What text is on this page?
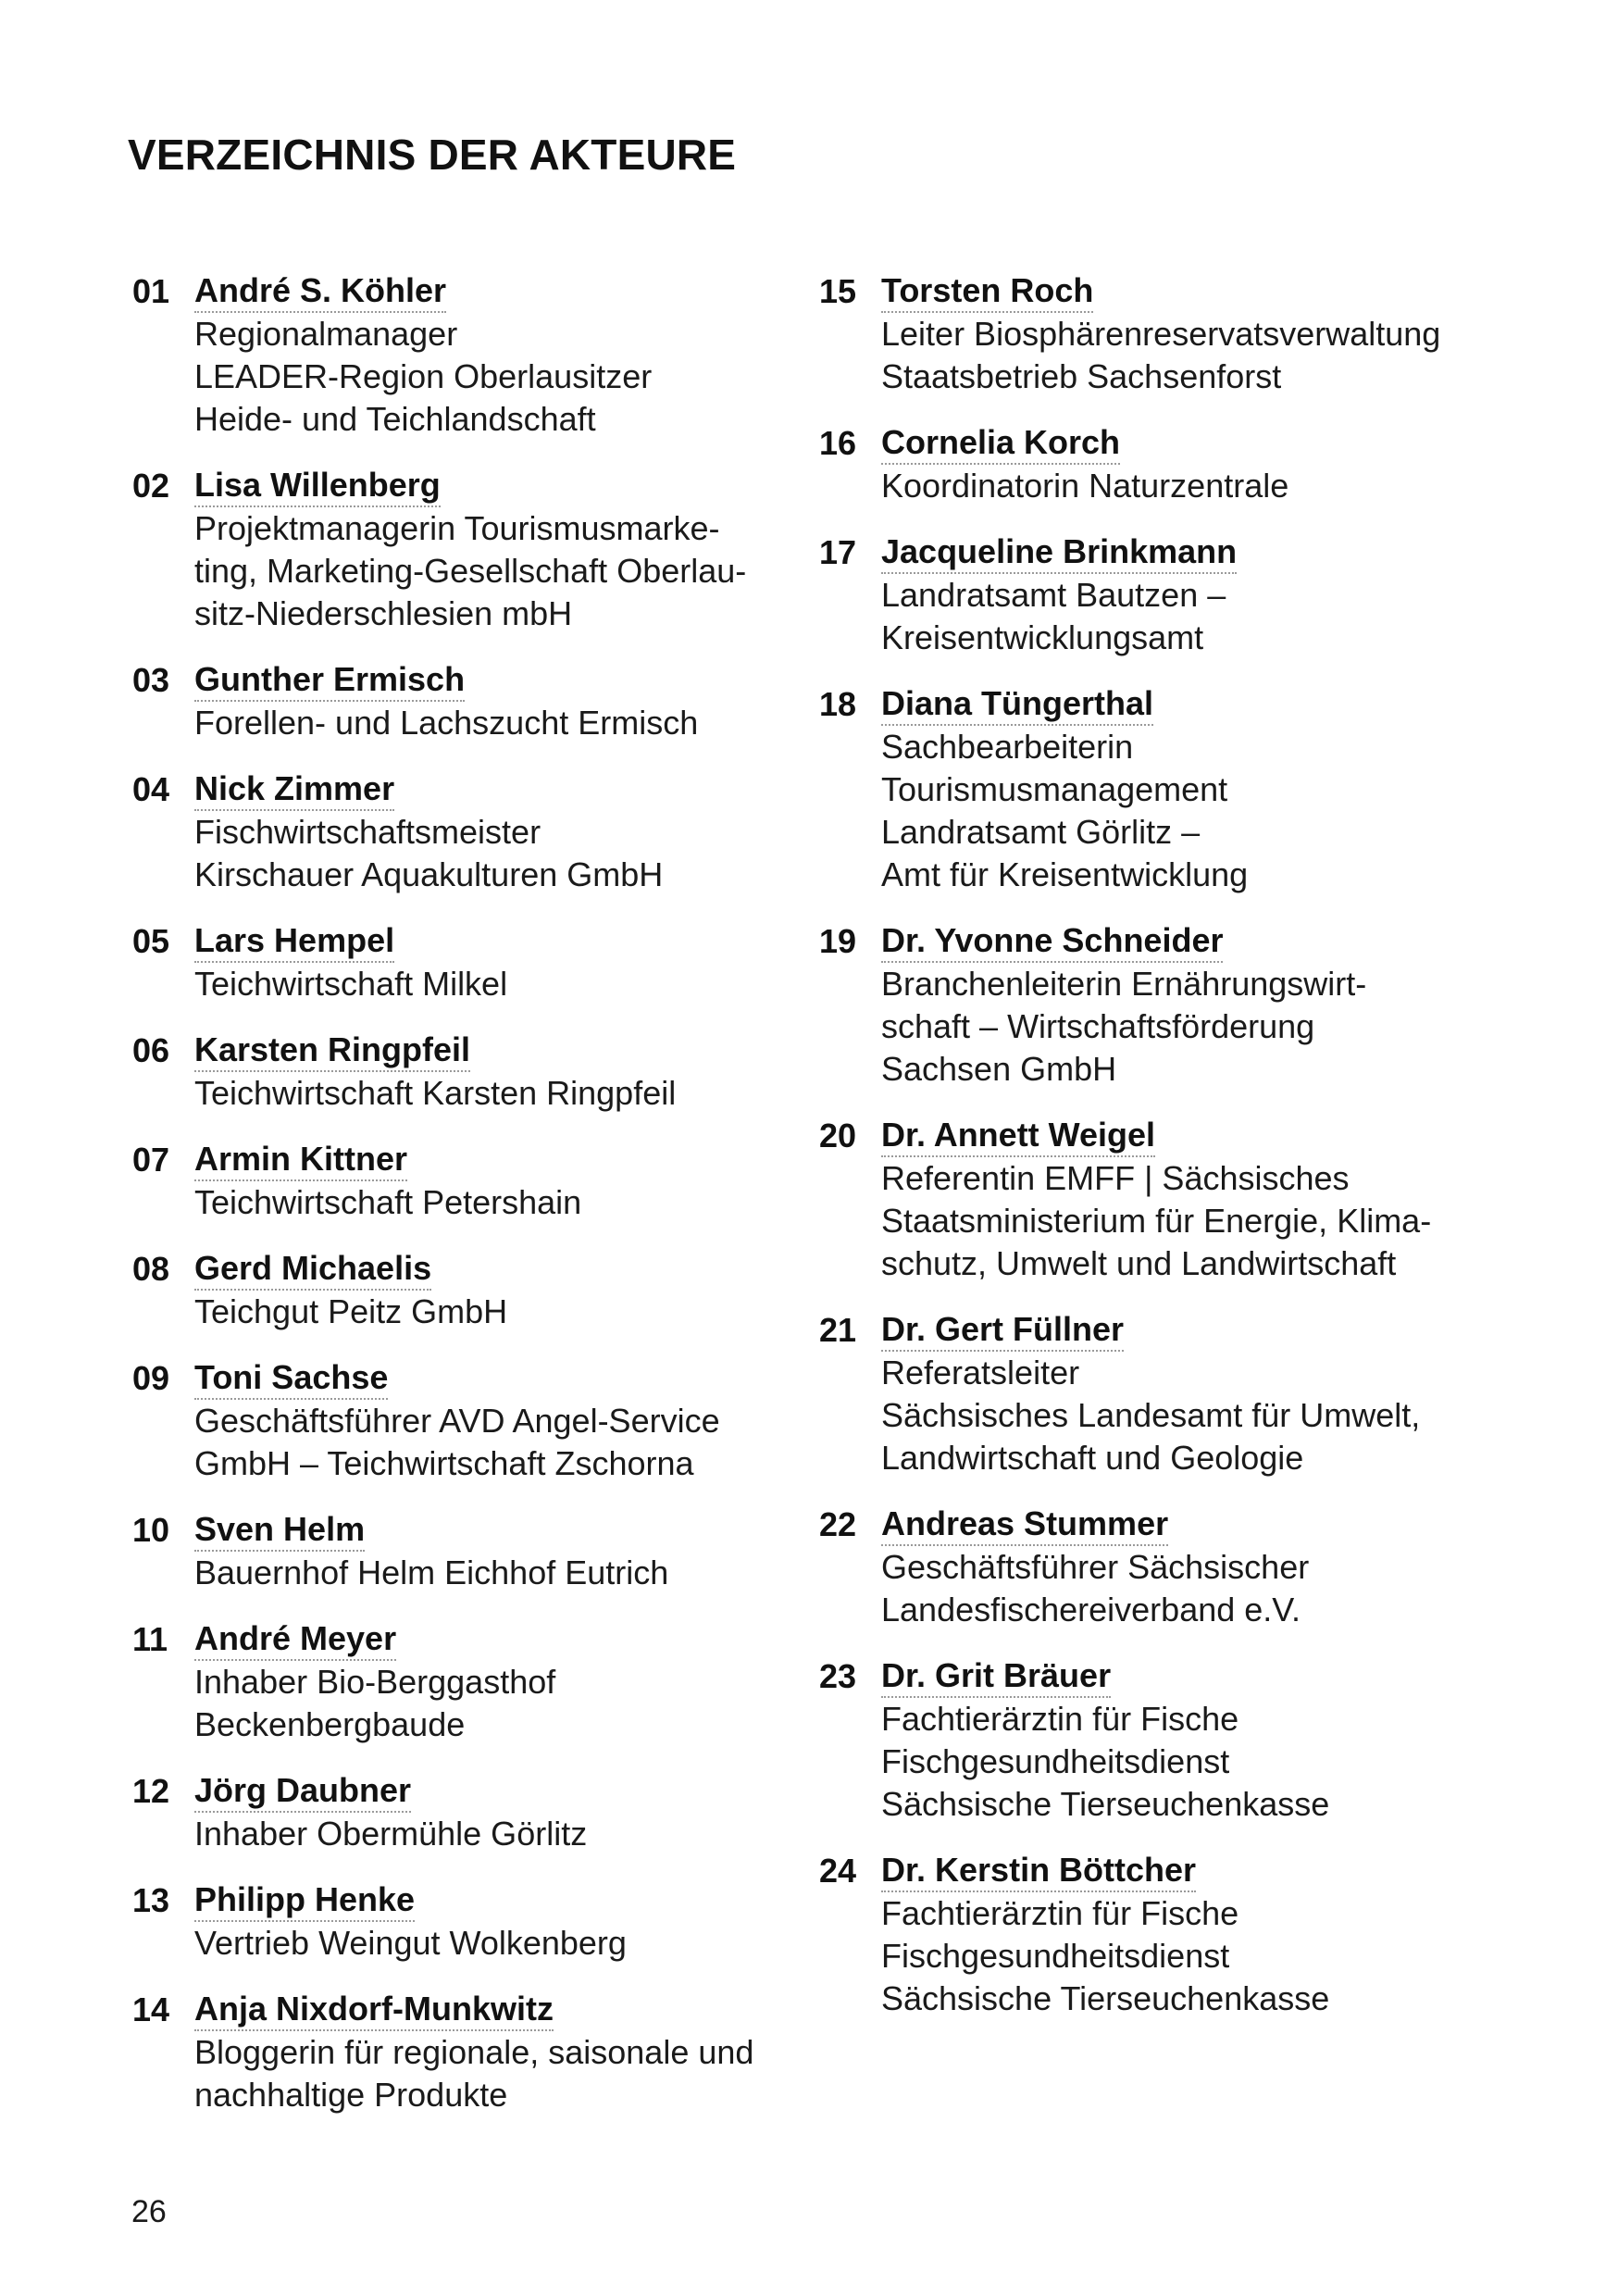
VERZEICHNIS DER AKTEURE
01 André S. Köhler

Regionalmanager
LEADER-Region Oberlausitzer
Heide- und Teichlandschaft
02 Lisa Willenberg

Projektmanagerin Tourismusmarke-
ting, Marketing-Gesellschaft Oberlau-
sitz-Niederschlesien mbH
03 Gunther Ermisch

Forellen- und Lachszucht Ermisch
04 Nick Zimmer

Fischwirtschaftsmeister
Kirschauer Aquakulturen GmbH
05 Lars Hempel

Teichwirtschaft Milkel
06 Karsten Ringpfeil

Teichwirtschaft Karsten Ringpfeil
07 Armin Kittner

Teichwirtschaft Petershain
08 Gerd Michaelis

Teichgut Peitz GmbH
09 Toni Sachse

Geschäftsführer AVD Angel-Service
GmbH – Teichwirtschaft Zschorna
10 Sven Helm

Bauernhof Helm Eichhof Eutrich
11 André Meyer

Inhaber Bio-Berggasthof
Beckenbergbaude
12 Jörg Daubner

Inhaber Obermühle Görlitz
13 Philipp Henke

Vertrieb Weingut Wolkenberg
14 Anja Nixdorf-Munkwitz

Bloggerin für regionale, saisonale und
nachhaltige Produkte
15 Torsten Roch

Leiter Biosphärenreservatsverwaltung
Staatsbetrieb Sachsenforst
16 Cornelia Korch

Koordinatorin Naturzentrale
17 Jacqueline Brinkmann

Landratsamt Bautzen –
Kreisentwicklungsamt
18 Diana Tüngerthal

Sachbearbeiterin
Tourismusmanagement
Landratsamt Görlitz –
Amt für Kreisentwicklung
19 Dr. Yvonne Schneider

Branchenleiterin Ernährungswirt-
schaft – Wirtschaftsförderung
Sachsen GmbH
20 Dr. Annett Weigel

Referentin EMFF | Sächsisches
Staatsministerium für Energie, Klima-
schutz, Umwelt und Landwirtschaft
21 Dr. Gert Füllner

Referatsleiter
Sächsisches Landesamt für Umwelt,
Landwirtschaft und Geologie
22 Andreas Stummer

Geschäftsführer Sächsischer
Landesfischereiverband e.V.
23 Dr. Grit Bräuer

Fachtierärztin für Fische
Fischgesundheitsdienst
Sächsische Tierseuchenkasse
24 Dr. Kerstin Böttcher

Fachtierärztin für Fische
Fischgesundheitsdienst
Sächsische Tierseuchenkasse
26
